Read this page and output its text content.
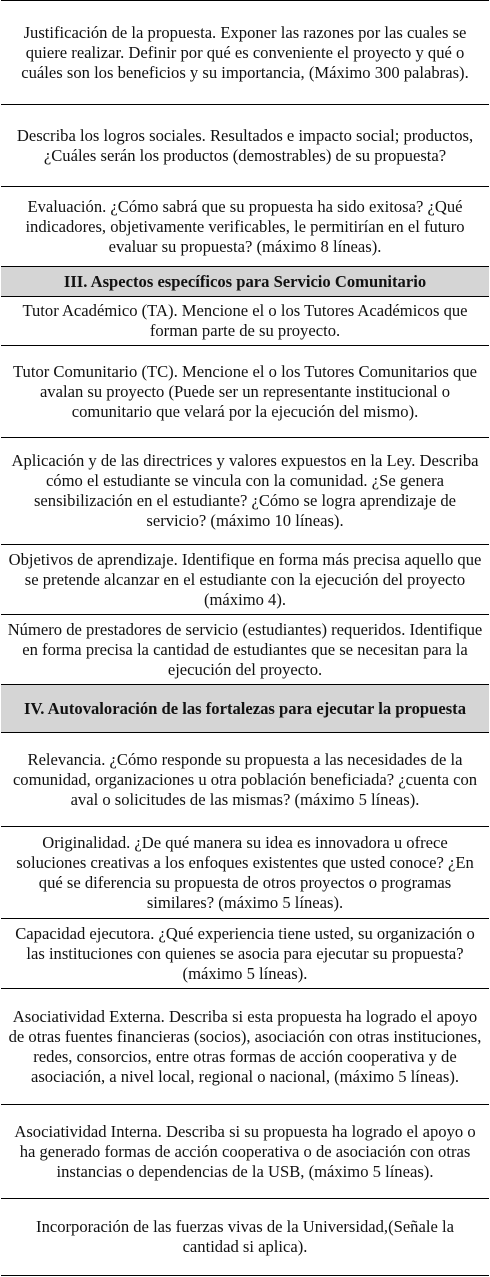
Justificación de la propuesta. Exponer las razones por las cuales se quiere realizar. Definir por qué es conveniente el proyecto y qué o cuáles son los beneficios y su importancia, (Máximo 300 palabras).
Describa los logros sociales. Resultados e impacto social; productos, ¿Cuáles serán los productos (demostrables) de su propuesta?
Evaluación. ¿Cómo sabrá que su propuesta ha sido exitosa? ¿Qué indicadores, objetivamente verificables, le permitirían en el futuro evaluar su propuesta? (máximo 8 líneas).
III. Aspectos específicos para Servicio Comunitario
Tutor Académico (TA). Mencione el o los Tutores Académicos que forman parte de su proyecto.
Tutor Comunitario (TC). Mencione el o los Tutores Comunitarios que avalan su proyecto (Puede ser un representante institucional o comunitario que velará por la ejecución del mismo).
Aplicación y de las directrices y valores expuestos en la Ley. Describa cómo el estudiante se vincula con la comunidad. ¿Se genera sensibilización en el estudiante? ¿Cómo se logra aprendizaje de servicio? (máximo 10 líneas).
Objetivos de aprendizaje. Identifique en forma más precisa aquello que se pretende alcanzar en el estudiante con la ejecución del proyecto (máximo 4).
Número de prestadores de servicio (estudiantes) requeridos. Identifique en forma precisa la cantidad de estudiantes que se necesitan para la ejecución del proyecto.
IV. Autovaloración de las fortalezas para ejecutar la propuesta
Relevancia. ¿Cómo responde su propuesta a las necesidades de la comunidad, organizaciones u otra población beneficiada? ¿cuenta con aval o solicitudes de las mismas? (máximo 5 líneas).
Originalidad. ¿De qué manera su idea es innovadora u ofrece soluciones creativas a los enfoques existentes que usted conoce? ¿En qué se diferencia su propuesta de otros proyectos o programas similares? (máximo 5 líneas).
Capacidad ejecutora. ¿Qué experiencia tiene usted, su organización o las instituciones con quienes se asocia para ejecutar su propuesta? (máximo 5 líneas).
Asociatividad Externa. Describa si esta propuesta ha logrado el apoyo de otras fuentes financieras (socios), asociación con otras instituciones, redes, consorcios, entre otras formas de acción cooperativa y de asociación, a nivel local, regional o nacional, (máximo 5 líneas).
Asociatividad Interna. Describa si su propuesta ha logrado el apoyo o ha generado formas de acción cooperativa o de asociación con otras instancias o dependencias de la USB, (máximo 5 líneas).
Incorporación de las fuerzas vivas de la Universidad,(Señale la cantidad si aplica).
